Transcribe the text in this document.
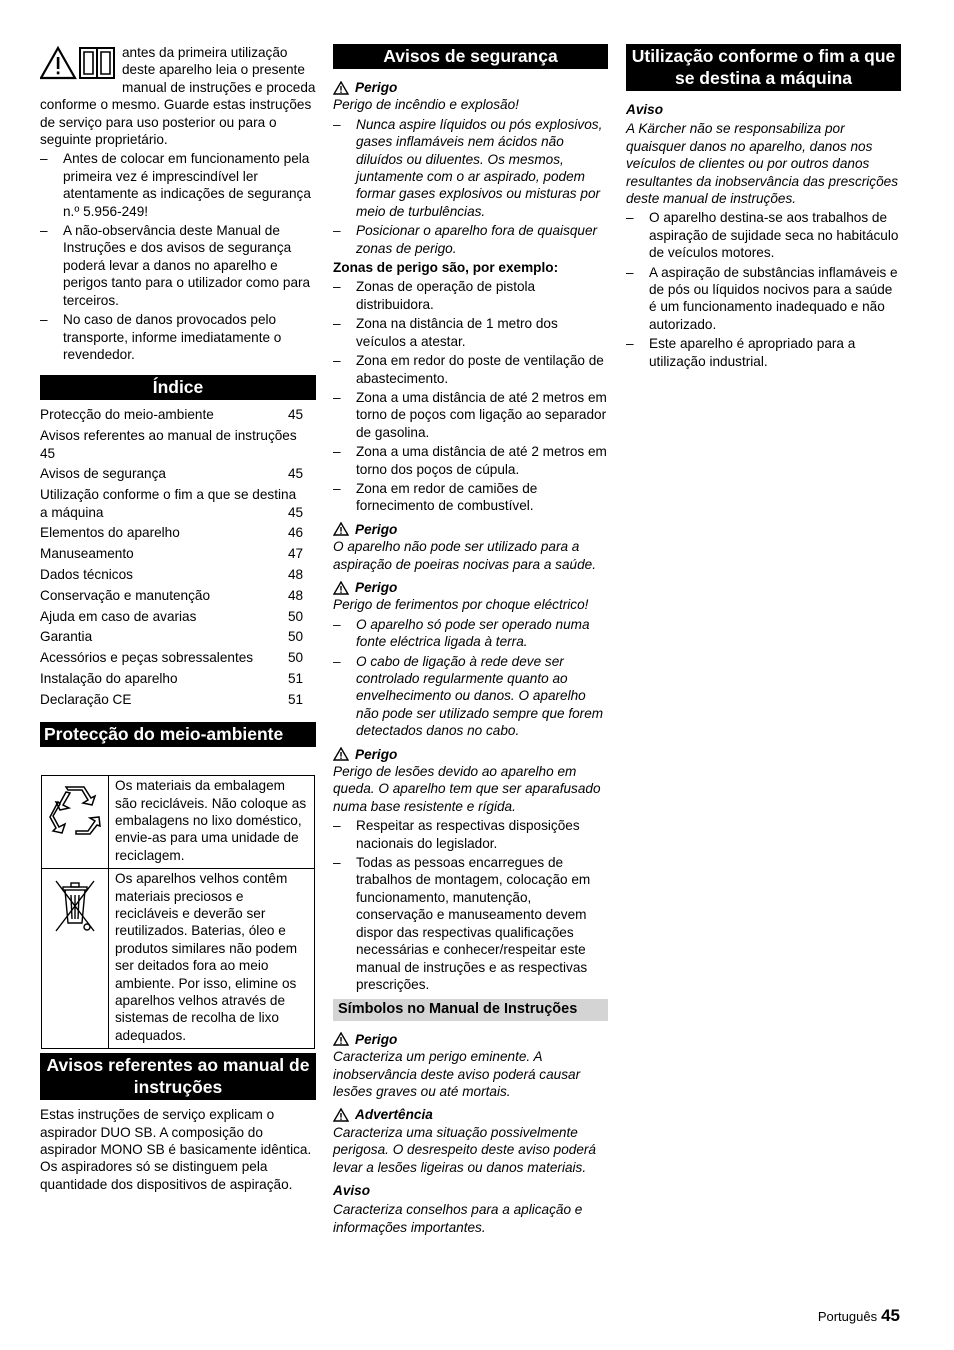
antes da primeira utilização deste aparelho leia o presente manual de instruções e proceda conforme o mesmo. Guarde estas instruções de serviço para uso posterior ou para o seguinte proprietário.

– Antes de colocar em funcionamento pela primeira vez é imprescindível ler atentamente as indicações de segurança n.º 5.956-249!
– A não-observância deste Manual de Instruções e dos avisos de segurança poderá levar a danos no aparelho e perigos tanto para o utilizador como para terceiros.
– No caso de danos provocados pelo transporte, informe imediatamente o revendedor.
Índice
Protecção do meio-ambiente	45
Avisos referentes ao manual de instruções
45
Avisos de segurança	45
Utilização conforme o fim a que se destina
a máquina	45
Elementos do aparelho	46
Manuseamento	47
Dados técnicos	48
Conservação e manutenção	48
Ajuda em caso de avarias	50
Garantia	50
Acessórios e peças sobressalentes	50
Instalação do aparelho	51
Declaração CE	51
Protecção do meio-ambiente
	Os materiais da embalagem são recicláveis. Não coloque as embalagens no lixo doméstico, envie-as para uma unidade de reciclagem.
	Os aparelhos velhos contêm materiais preciosos e recicláveis e deverão ser reutilizados. Baterias, óleo e produtos similares não podem ser deitados fora ao meio ambiente. Por isso, elimine os aparelhos velhos através de sistemas de recolha de lixo adequados.
Avisos referentes ao manual de instruções

Estas instruções de serviço explicam o aspirador DUO SB. A composição do aspirador MONO SB é basicamente idêntica. Os aspiradores só se distinguem pela quantidade dos dispositivos de aspiração.

Avisos de segurança
Perigo

Perigo de incêndio e explosão!

– Nunca aspire líquidos ou pós explosivos, gases inflamáveis nem ácidos não diluídos ou diluentes. Os mesmos, juntamente com o ar aspirado, podem formar gases explosivos ou misturas por meio de turbulências.
– Posicionar o aparelho fora de quaisquer zonas de perigo.

Zonas de perigo são, por exemplo:

– Zonas de operação de pistola distribuidora.
– Zona na distância de 1 metro dos veículos a atestar.
– Zona em redor do poste de ventilação de abastecimento.
– Zona a uma distância de até 2 metros em torno de poços com ligação ao separador de gasolina.
– Zona a uma distância de até 2 metros em torno dos poços de cúpula.
– Zona em redor de camiões de fornecimento de combustível.
Perigo

O aparelho não pode ser utilizado para a aspiração de poeiras nocivas para a saúde.

Perigo

Perigo de ferimentos por choque eléctrico!

– O aparelho só pode ser operado numa fonte eléctrica ligada à terra.
– O cabo de ligação à rede deve ser controlado regularmente quanto ao envelhecimento ou danos. O aparelho não pode ser utilizado sempre que forem detectados danos no cabo.
Perigo

Perigo de lesões devido ao aparelho em queda. O aparelho tem que ser aparafusado numa base resistente e rígida.

– Respeitar as respectivas disposições nacionais do legislador.
– Todas as pessoas encarregues de trabalhos de montagem, colocação em funcionamento, manutenção, conservação e manuseamento devem dispor das respectivas qualificações necessárias e conhecer/respeitar este manual de instruções e as respectivas prescrições.
Símbolos no Manual de Instruções
Perigo

Caracteriza um perigo eminente. A inobservância deste aviso poderá causar lesões graves ou até mortais.

Advertência

Caracteriza uma situação possivelmente perigosa. O desrespeito deste aviso poderá levar a lesões ligeiras ou danos materiais.

Aviso

Caracteriza conselhos para a aplicação e informações importantes.

Utilização conforme o fim a que se destina a máquina

Aviso

A Kärcher não se responsabiliza por quaisquer danos no aparelho, danos nos veículos de clientes ou por outros danos resultantes da inobservância das prescrições deste manual de instruções.

– O aparelho destina-se aos trabalhos de aspiração de sujidade seca no habitáculo de veículos motores.
– A aspiração de substâncias inflamáveis e de pós ou líquidos nocivos para a saúde é um funcionamento inadequado e não autorizado.
– Este aparelho é apropriado para a utilização industrial.
Português 45
